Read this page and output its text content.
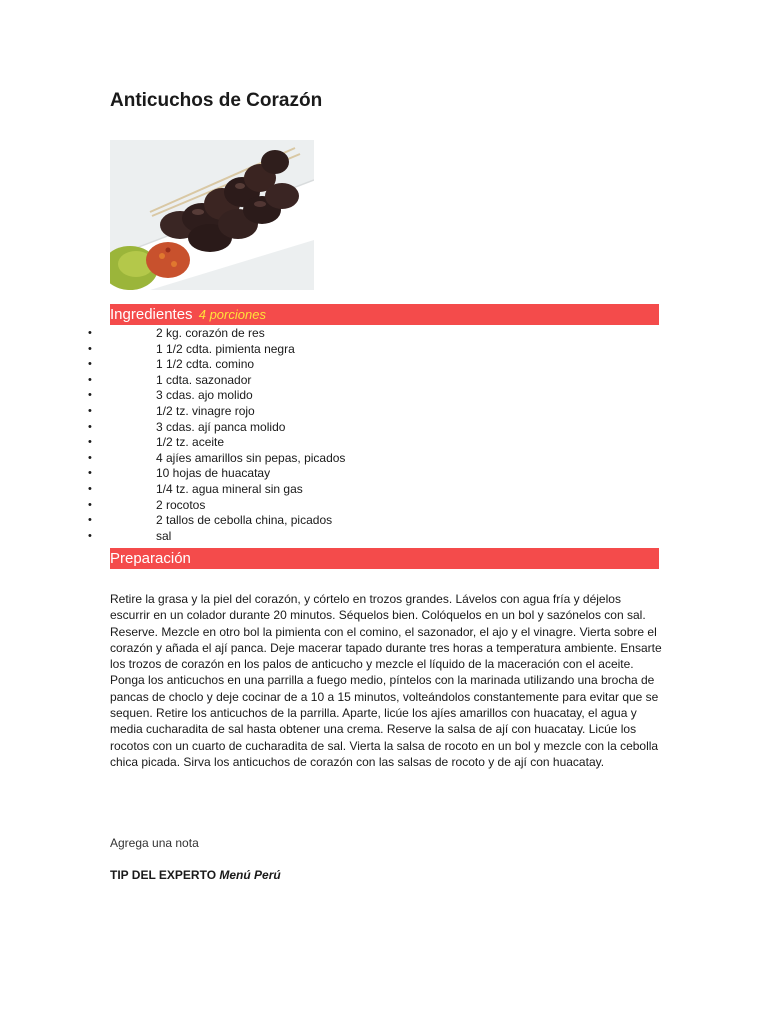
Anticuchos de Corazón
Ingredientes 4 porciones
•	2 kg. corazón de res
•	1 1/2 cdta. pimienta negra
•	1 1/2 cdta. comino
•	1 cdta. sazonador
•	3 cdas. ajo molido
•	1/2 tz. vinagre rojo
•	3 cdas. ají panca molido
•	1/2 tz. aceite
•	4 ajíes amarillos sin pepas, picados
•	10 hojas de huacatay
•	1/4 tz. agua mineral sin gas
•	2 rocotos
•	2 tallos de cebolla china, picados
•	sal
Preparación

Retire la grasa y la piel del corazón, y córtelo en trozos grandes. Lávelos con agua fría y déjelos escurrir en un colador durante 20 minutos. Séquelos bien. Colóquelos en un bol y sazónelos con sal. Reserve. Mezcle en otro bol la pimienta con el comino, el sazonador, el ajo y el vinagre. Vierta sobre el corazón y añada el ají panca. Deje macerar tapado durante tres horas a temperatura ambiente. Ensarte los trozos de corazón en los palos de anticucho y mezcle el líquido de la maceración con el aceite. Ponga los anticuchos en una parrilla a fuego medio, píntelos con la marinada utilizando una brocha de pancas de choclo y deje cocinar de a 10 a 15 minutos, volteándolos constantemente para evitar que se sequen. Retire los anticuchos de la parrilla. Aparte, licúe los ajíes amarillos con huacatay, el agua y media cucharadita de sal hasta obtener una crema. Reserve la salsa de ají con huacatay. Licúe los rocotos con un cuarto de cucharadita de sal. Vierta la salsa de rocoto en un bol y mezcle con la cebolla chica picada. Sirva los anticuchos de corazón con las salsas de rocoto y de ají con huacatay.

Agrega una nota

TIP DEL EXPERTO Menú Perú
